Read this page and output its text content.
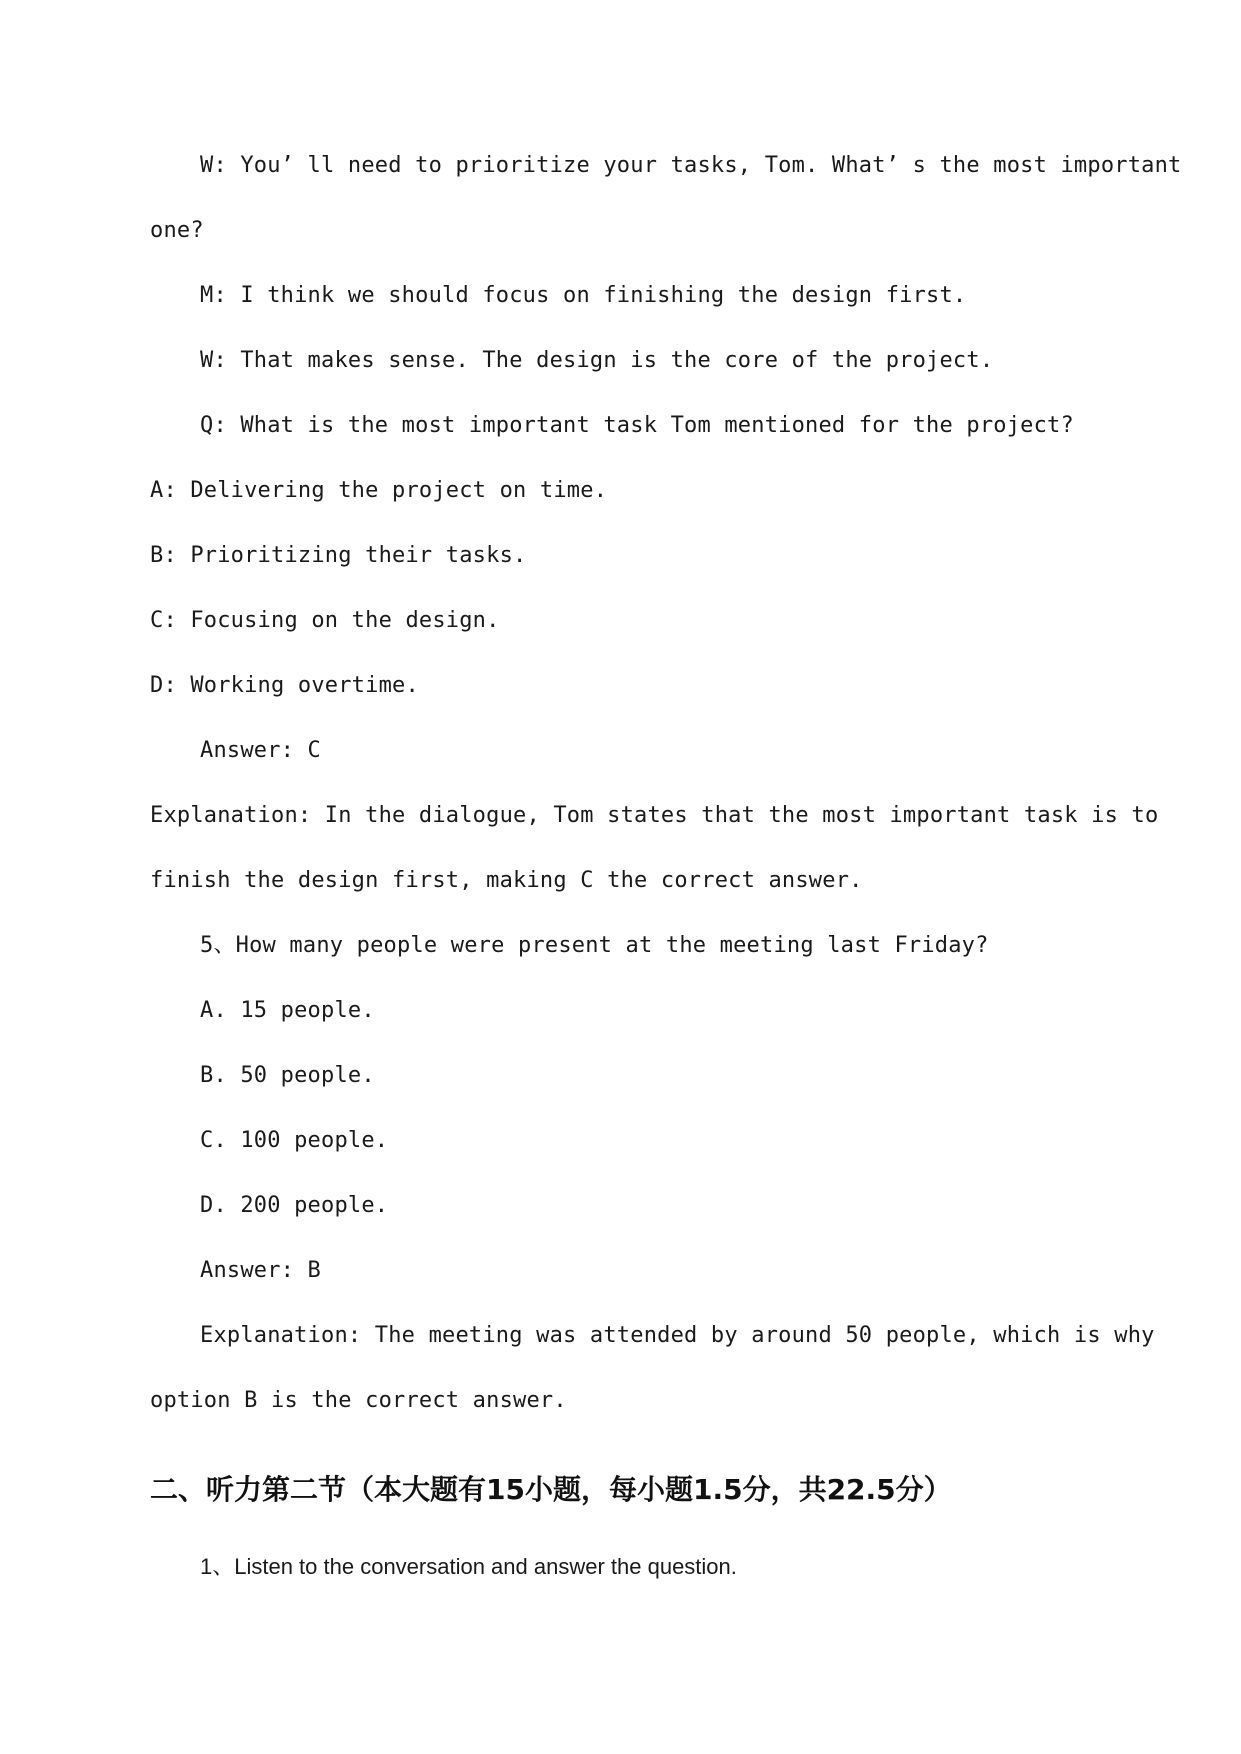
W: You’ ll need to prioritize your tasks, Tom. What’ s the most important
one?
M: I think we should focus on finishing the design first.
W: That makes sense. The design is the core of the project.
Q: What is the most important task Tom mentioned for the project?
A: Delivering the project on time.
B: Prioritizing their tasks.
C: Focusing on the design.
D: Working overtime.
Answer: C
Explanation: In the dialogue, Tom states that the most important task is to
finish the design first, making C the correct answer.
5、How many people were present at the meeting last Friday?
A. 15 people.
B. 50 people.
C. 100 people.
D. 200 people.
Answer: B
Explanation: The meeting was attended by around 50 people, which is why
option B is the correct answer.
二、听力第二节（本大题有15小题，每小题1.5分，共22.5分）
1、Listen to the conversation and answer the question.
